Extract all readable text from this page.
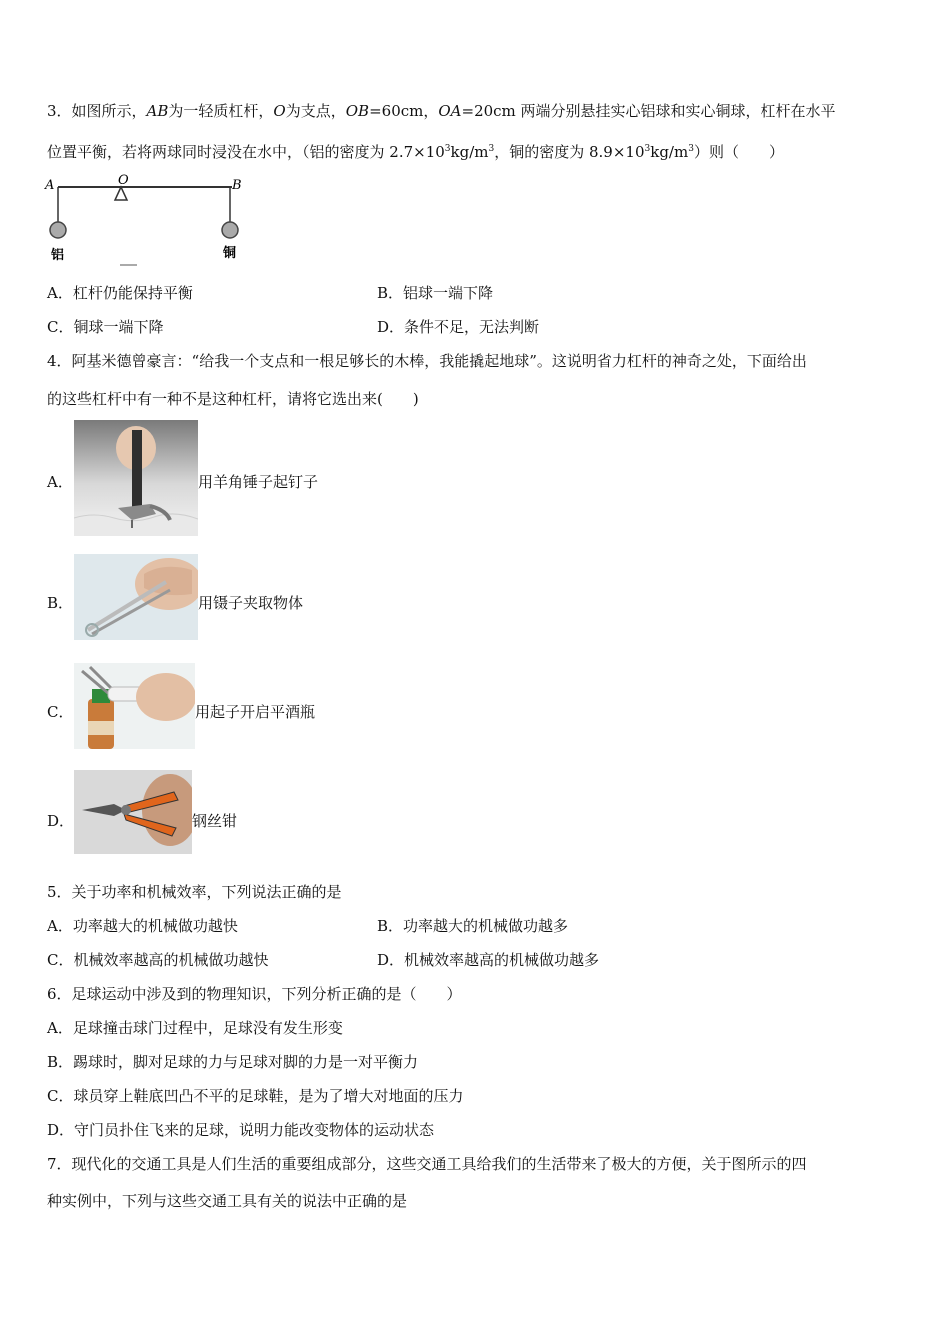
3．如图所示，AB为一轻质杠杆，O为支点，OB=60cm，OA=20cm 两端分别悬挂实心铝球和实心铜球，杠杆在水平
位置平衡，若将两球同时浸没在水中，（铝的密度为 $2.7\times 10^3kg/m^3$，铜的密度为 $8.9\times 10^3kg/m^3$）则（　　）
A	O	B
铝	铜
A．杠杆仍能保持平衡	B．铝球一端下降
C．铜球一端下降	D．条件不足，无法判断
4．阿基米德曾豪言：“给我一个支点和一根足够长的木棒，我能撬起地球”。这说明省力杠杆的神奇之处，下面给出
的这些杠杆中有一种不是这种杠杆，请将它选出来(　　)
A．	用羊角锤子起钉子
B．	用镊子夹取物体
C．	用起子开启平酒瓶
D．	钢丝钳
5．关于功率和机械效率，下列说法正确的是
A．功率越大的机械做功越快	B．功率越大的机械做功越多
C．机械效率越高的机械做功越快	D．机械效率越高的机械做功越多
6．足球运动中涉及到的物理知识，下列分析正确的是（　　）
A．足球撞击球门过程中，足球没有发生形变
B．踢球时，脚对足球的力与足球对脚的力是一对平衡力
C．球员穿上鞋底凹凸不平的足球鞋，是为了增大对地面的压力
D．守门员扑住飞来的足球，说明力能改变物体的运动状态
7．现代化的交通工具是人们生活的重要组成部分，这些交通工具给我们的生活带来了极大的方便，关于图所示的四
种实例中，下列与这些交通工具有关的说法中正确的是
